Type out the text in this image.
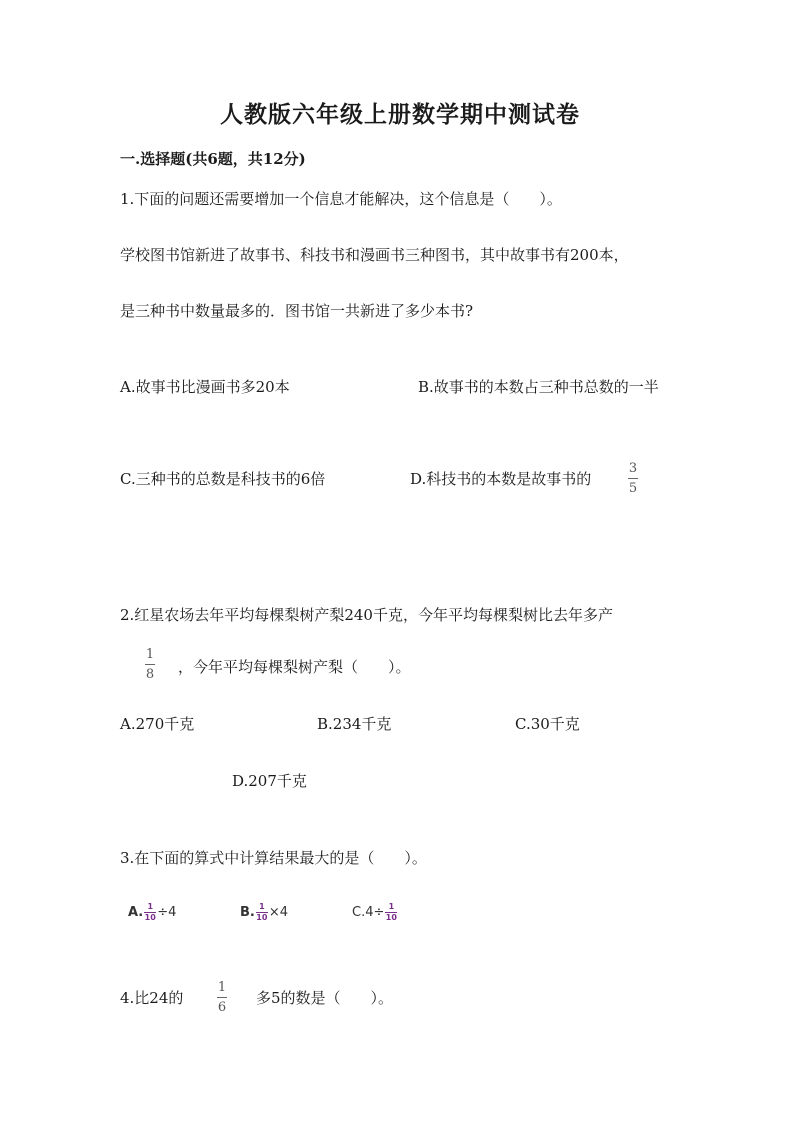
人教版六年级上册数学期中测试卷
一.选择题(共6题，共12分)
1.下面的问题还需要增加一个信息才能解决，这个信息是（　　）。
学校图书馆新进了故事书、科技书和漫画书三种图书，其中故事书有200本，
是三种书中数量最多的．图书馆一共新进了多少本书?
A.故事书比漫画书多20本	B.故事书的本数占三种书总数的一半
C.三种书的总数是科技书的6倍	D.科技书的本数是故事书的
3
5
2.红星农场去年平均每棵梨树产梨240千克，今年平均每棵梨树比去年多产
1
8 ，今年平均每棵梨树产梨（　　）。
A.270千克	B.234千克	C.30千克
D.207千克
3.在下面的算式中计算结果最大的是（　　）。
A. $\frac{1}{10} \div 4$	B. $\frac{1}{10} \times 4$	$C.4\div \frac{1}{10}$
4.比24的
1
6
多5的数是（　　）。
